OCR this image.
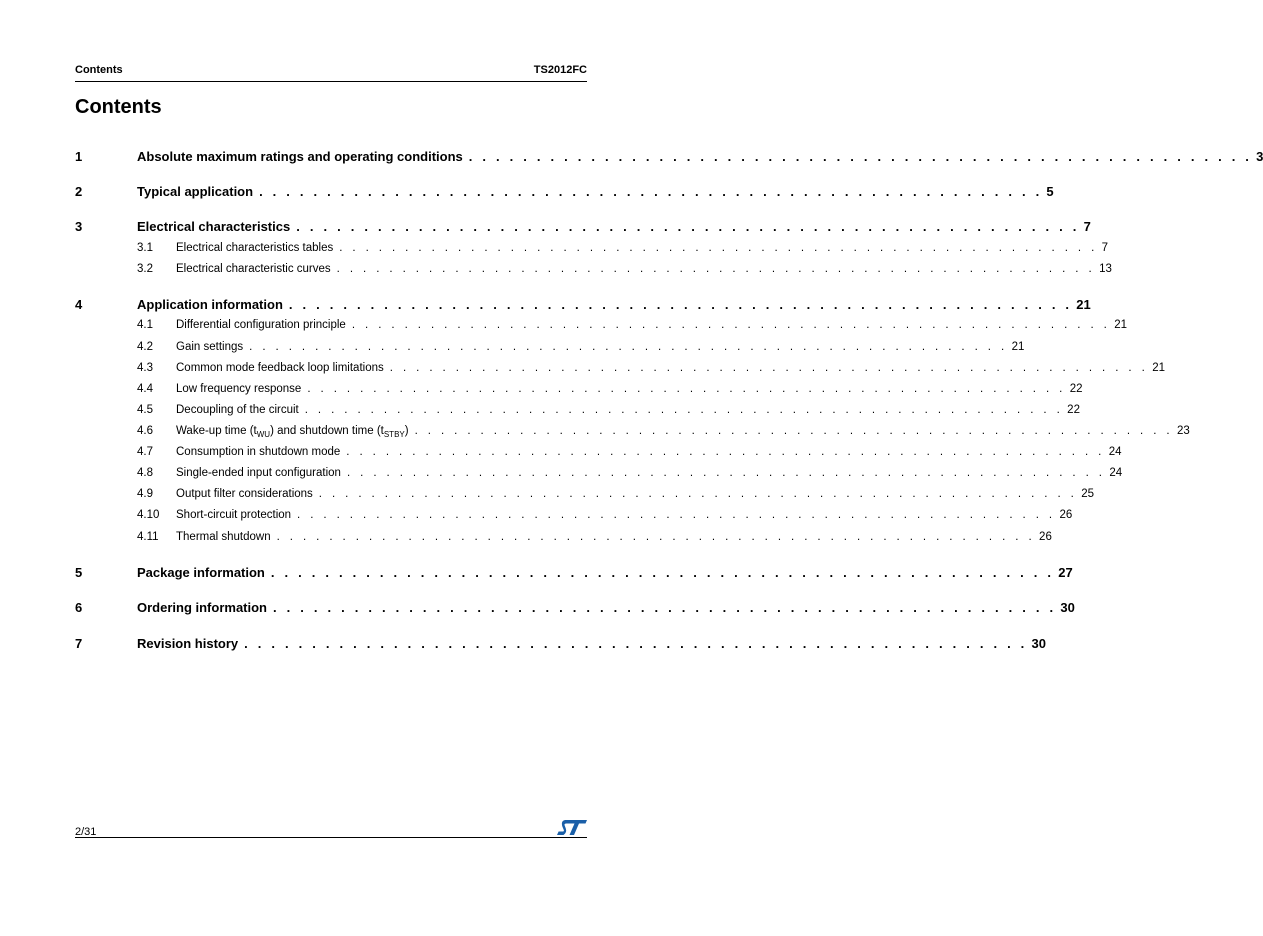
Contents	TS2012FC
Contents
1	Absolute maximum ratings and operating conditions . . . . . . . . . . . . . . . . . . . . . . . . . . . . . . . . . . . . . . . . . . . . . . . . . . . . . . . . . . 3
2	Typical application . . . . . . . . . . . . . . . . . . . . . . . . . . . . . . . . . . . . . . . . . . . . . . . . . . . . . . . . . . 5
3	Electrical characteristics . . . . . . . . . . . . . . . . . . . . . . . . . . . . . . . . . . . . . . . . . . . . . . . . . . . . . . . . . . 7
3.1	Electrical characteristics tables . . . . . . . . . . . . . . . . . . . . . . . . . . . . . . . . . . . . . . . . . . . . . . . . . . . . . . . . . . 7
3.2	Electrical characteristic curves . . . . . . . . . . . . . . . . . . . . . . . . . . . . . . . . . . . . . . . . . . . . . . . . . . . . . . . . . . 13
4	Application information . . . . . . . . . . . . . . . . . . . . . . . . . . . . . . . . . . . . . . . . . . . . . . . . . . . . . . . . . . 21
4.1	Differential configuration principle . . . . . . . . . . . . . . . . . . . . . . . . . . . . . . . . . . . . . . . . . . . . . . . . . . . . . . . . . . 21
4.2	Gain settings . . . . . . . . . . . . . . . . . . . . . . . . . . . . . . . . . . . . . . . . . . . . . . . . . . . . . . . . . . 21
4.3	Common mode feedback loop limitations . . . . . . . . . . . . . . . . . . . . . . . . . . . . . . . . . . . . . . . . . . . . . . . . . . . . . . . . . . 21
4.4	Low frequency response . . . . . . . . . . . . . . . . . . . . . . . . . . . . . . . . . . . . . . . . . . . . . . . . . . . . . . . . . . 22
4.5	Decoupling of the circuit . . . . . . . . . . . . . . . . . . . . . . . . . . . . . . . . . . . . . . . . . . . . . . . . . . . . . . . . . . 22
4.6	Wake-up time $(t_{WU})$ and shutdown time $(t_{STBY})$ . . . . . . . . . . . . . . . . . . . . . . . . . . . . . . . . . . . . . . . . . . . . . . . . . . . . . . . . . . 23
4.7	Consumption in shutdown mode . . . . . . . . . . . . . . . . . . . . . . . . . . . . . . . . . . . . . . . . . . . . . . . . . . . . . . . . . . 24
4.8	Single-ended input configuration . . . . . . . . . . . . . . . . . . . . . . . . . . . . . . . . . . . . . . . . . . . . . . . . . . . . . . . . . . 24
4.9	Output filter considerations . . . . . . . . . . . . . . . . . . . . . . . . . . . . . . . . . . . . . . . . . . . . . . . . . . . . . . . . . . 25
4.10	Short-circuit protection . . . . . . . . . . . . . . . . . . . . . . . . . . . . . . . . . . . . . . . . . . . . . . . . . . . . . . . . . . 26
4.11	Thermal shutdown . . . . . . . . . . . . . . . . . . . . . . . . . . . . . . . . . . . . . . . . . . . . . . . . . . . . . . . . . . 26
5	Package information . . . . . . . . . . . . . . . . . . . . . . . . . . . . . . . . . . . . . . . . . . . . . . . . . . . . . . . . . . 27
6	Ordering information . . . . . . . . . . . . . . . . . . . . . . . . . . . . . . . . . . . . . . . . . . . . . . . . . . . . . . . . . . 30
7	Revision history . . . . . . . . . . . . . . . . . . . . . . . . . . . . . . . . . . . . . . . . . . . . . . . . . . . . . . . . . . 30
2/31
